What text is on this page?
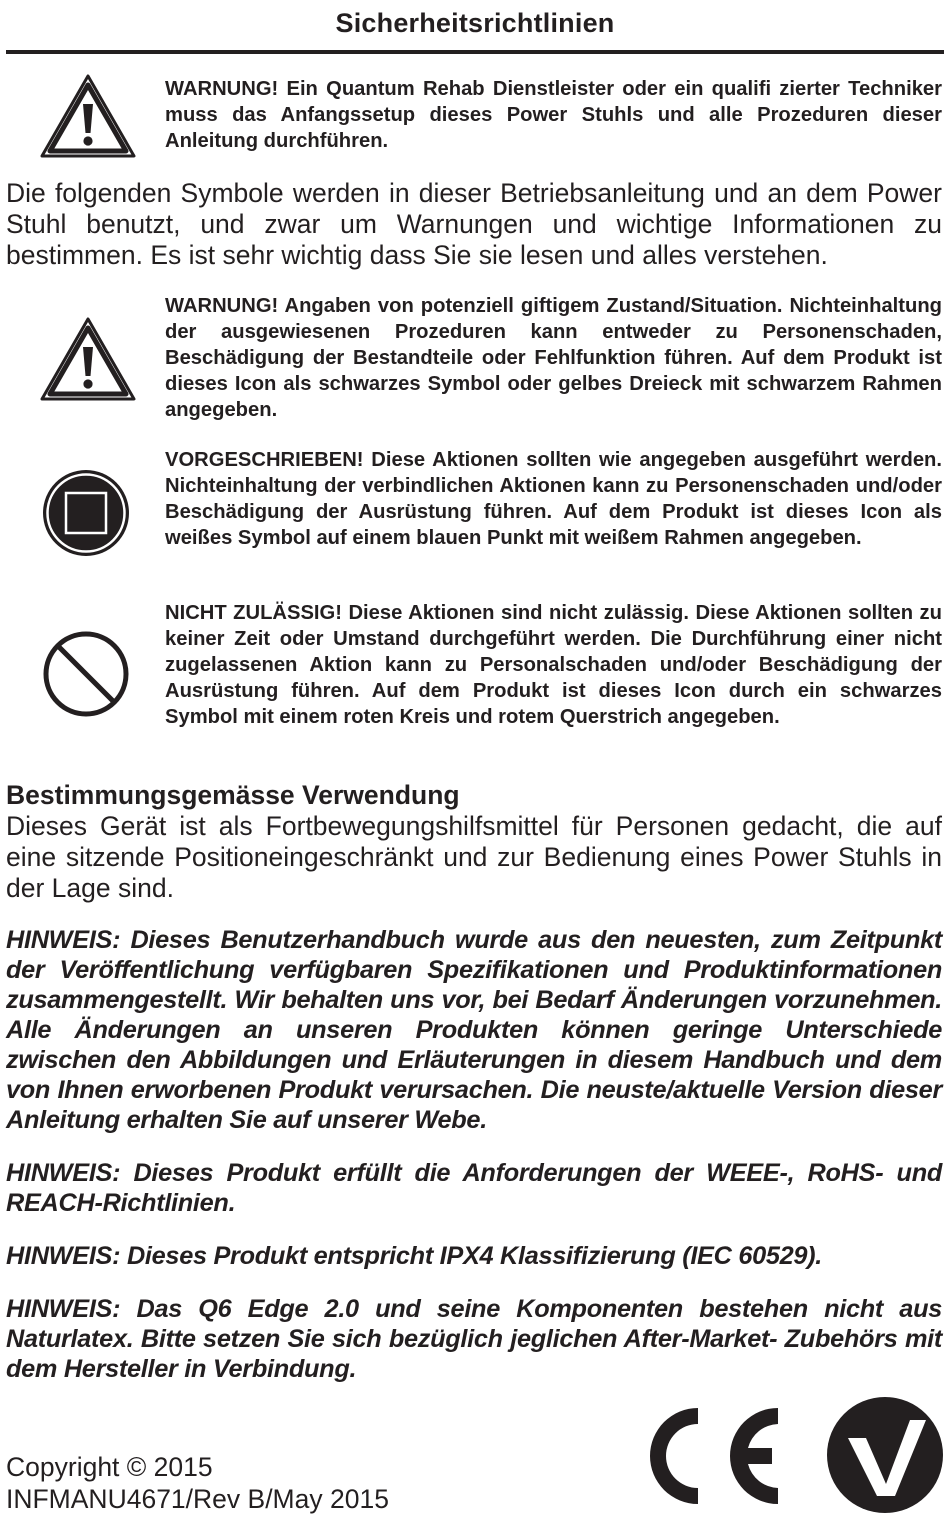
Sicherheitsrichtlinien
WARNUNG! Ein Quantum Rehab Dienstleister oder ein qualifi zierter Techniker muss das Anfangssetup dieses Power Stuhls und alle Prozeduren dieser Anleitung durchführen.
Die folgenden Symbole werden in dieser Betriebsanleitung und an dem Power Stuhl benutzt, und zwar um Warnungen und wichtige Informationen zu bestimmen. Es ist sehr wichtig dass Sie sie lesen und alles verstehen.
WARNUNG! Angaben von potenziell giftigem Zustand/Situation. Nichteinhaltung der ausgewiesenen Prozeduren kann entweder zu Personenschaden, Beschädigung der Bestandteile oder Fehlfunktion führen. Auf dem Produkt ist dieses Icon als schwarzes Symbol oder gelbes Dreieck mit schwarzem Rahmen angegeben.
VORGESCHRIEBEN! Diese Aktionen sollten wie angegeben ausgeführt werden. Nichteinhaltung der verbindlichen Aktionen kann zu Personenschaden und/oder Beschädigung der Ausrüstung führen. Auf dem Produkt ist dieses Icon als weißes Symbol auf einem blauen Punkt mit weißem Rahmen angegeben.
NICHT ZULÄSSIG! Diese Aktionen sind nicht zulässig. Diese Aktionen sollten zu keiner Zeit oder Umstand durchgeführt werden. Die Durchführung einer nicht zugelassenen Aktion kann zu Personalschaden und/oder Beschädigung der Ausrüstung führen. Auf dem Produkt ist dieses Icon durch ein schwarzes Symbol mit einem roten Kreis und rotem Querstrich angegeben.
Bestimmungsgemässe Verwendung
Dieses Gerät ist als Fortbewegungshilfsmittel für Personen gedacht, die auf eine sitzende Positioneingeschränkt und zur Bedienung eines Power Stuhls in der Lage sind.
HINWEIS: Dieses Benutzerhandbuch wurde aus den neuesten, zum Zeitpunkt der Veröffentlichung verfügbaren Spezifikationen und Produktinformationen zusammengestellt. Wir behalten uns vor, bei Bedarf Änderungen vorzunehmen. Alle Änderungen an unseren Produkten können geringe Unterschiede zwischen den Abbildungen und Erläuterungen in diesem Handbuch und dem von Ihnen erworbenen Produkt verursachen. Die neuste/aktuelle Version dieser Anleitung erhalten Sie auf unserer Webe.
HINWEIS: Dieses Produkt erfüllt die Anforderungen der WEEE-, RoHS- und REACH-Richtlinien.
HINWEIS: Dieses Produkt entspricht IPX4 Klassifizierung (IEC 60529).
HINWEIS: Das Q6 Edge 2.0 und seine Komponenten bestehen nicht aus Naturlatex. Bitte setzen Sie sich bezüglich jeglichen After-Market- Zubehörs mit dem Hersteller in Verbindung.
Copyright © 2015
INFMANU4671/Rev B/May 2015
